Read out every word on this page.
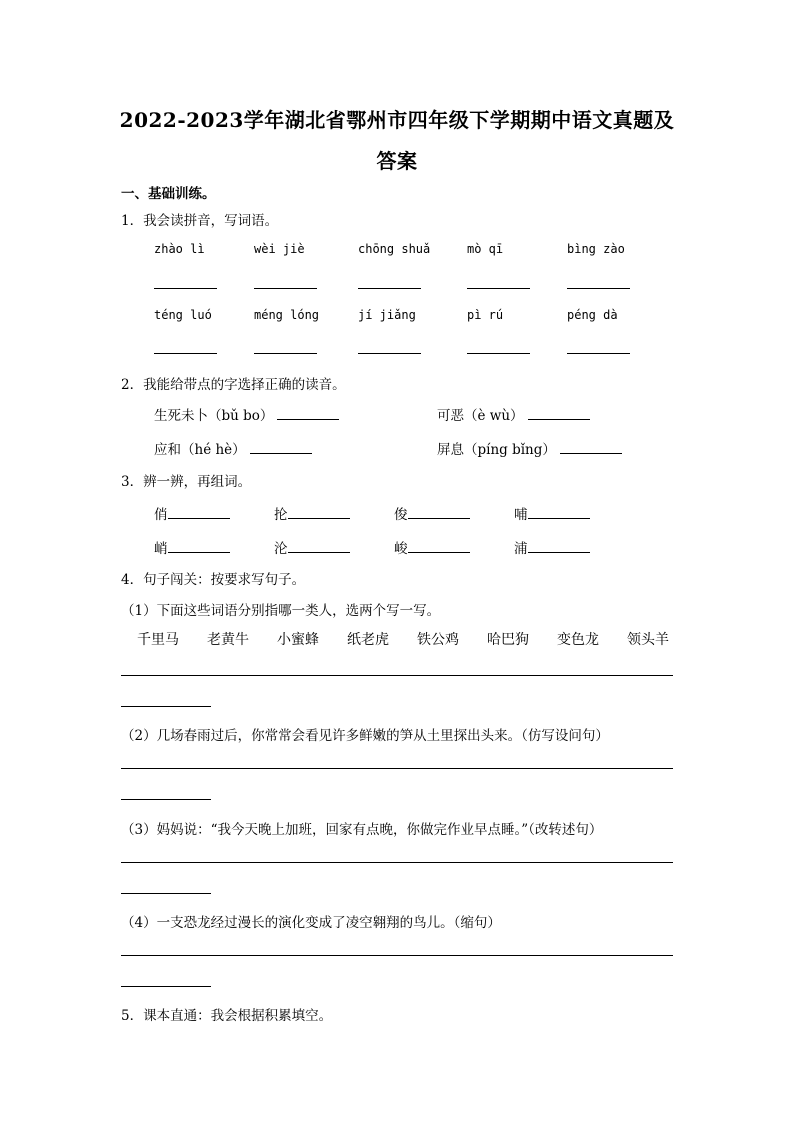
2022-2023学年湖北省鄂州市四年级下学期期中语文真题及
答案
一、基础训练。
1．我会读拼音，写词语。
zhào lì	wèi jiè	chōng shuǎ	mò qī	bìng zào
téng luó	méng lóng	jí jiǎng	pì rú	péng dà
2．我能给带点的字选择正确的读音。
生死未卜（bǔ bo）	可恶（è wù）
应和（hé hè）	屏息（píng bǐng）
3．辨一辨，再组词。
俏	抡	俊	哺
峭	沦	峻	浦
4．句子闯关：按要求写句子。
（1）下面这些词语分别指哪一类人，选两个写一写。
千里马 老黄牛 小蜜蜂 纸老虎 铁公鸡 哈巴狗 变色龙 领头羊
（2）几场春雨过后，你常常会看见许多鲜嫩的笋从土里探出头来。（仿写设问句）
（3）妈妈说：“我今天晚上加班，回家有点晚，你做完作业早点睡。”（改转述句）
（4）一支恐龙经过漫长的演化变成了凌空翱翔的鸟儿。（缩句）
5．课本直通：我会根据积累填空。
